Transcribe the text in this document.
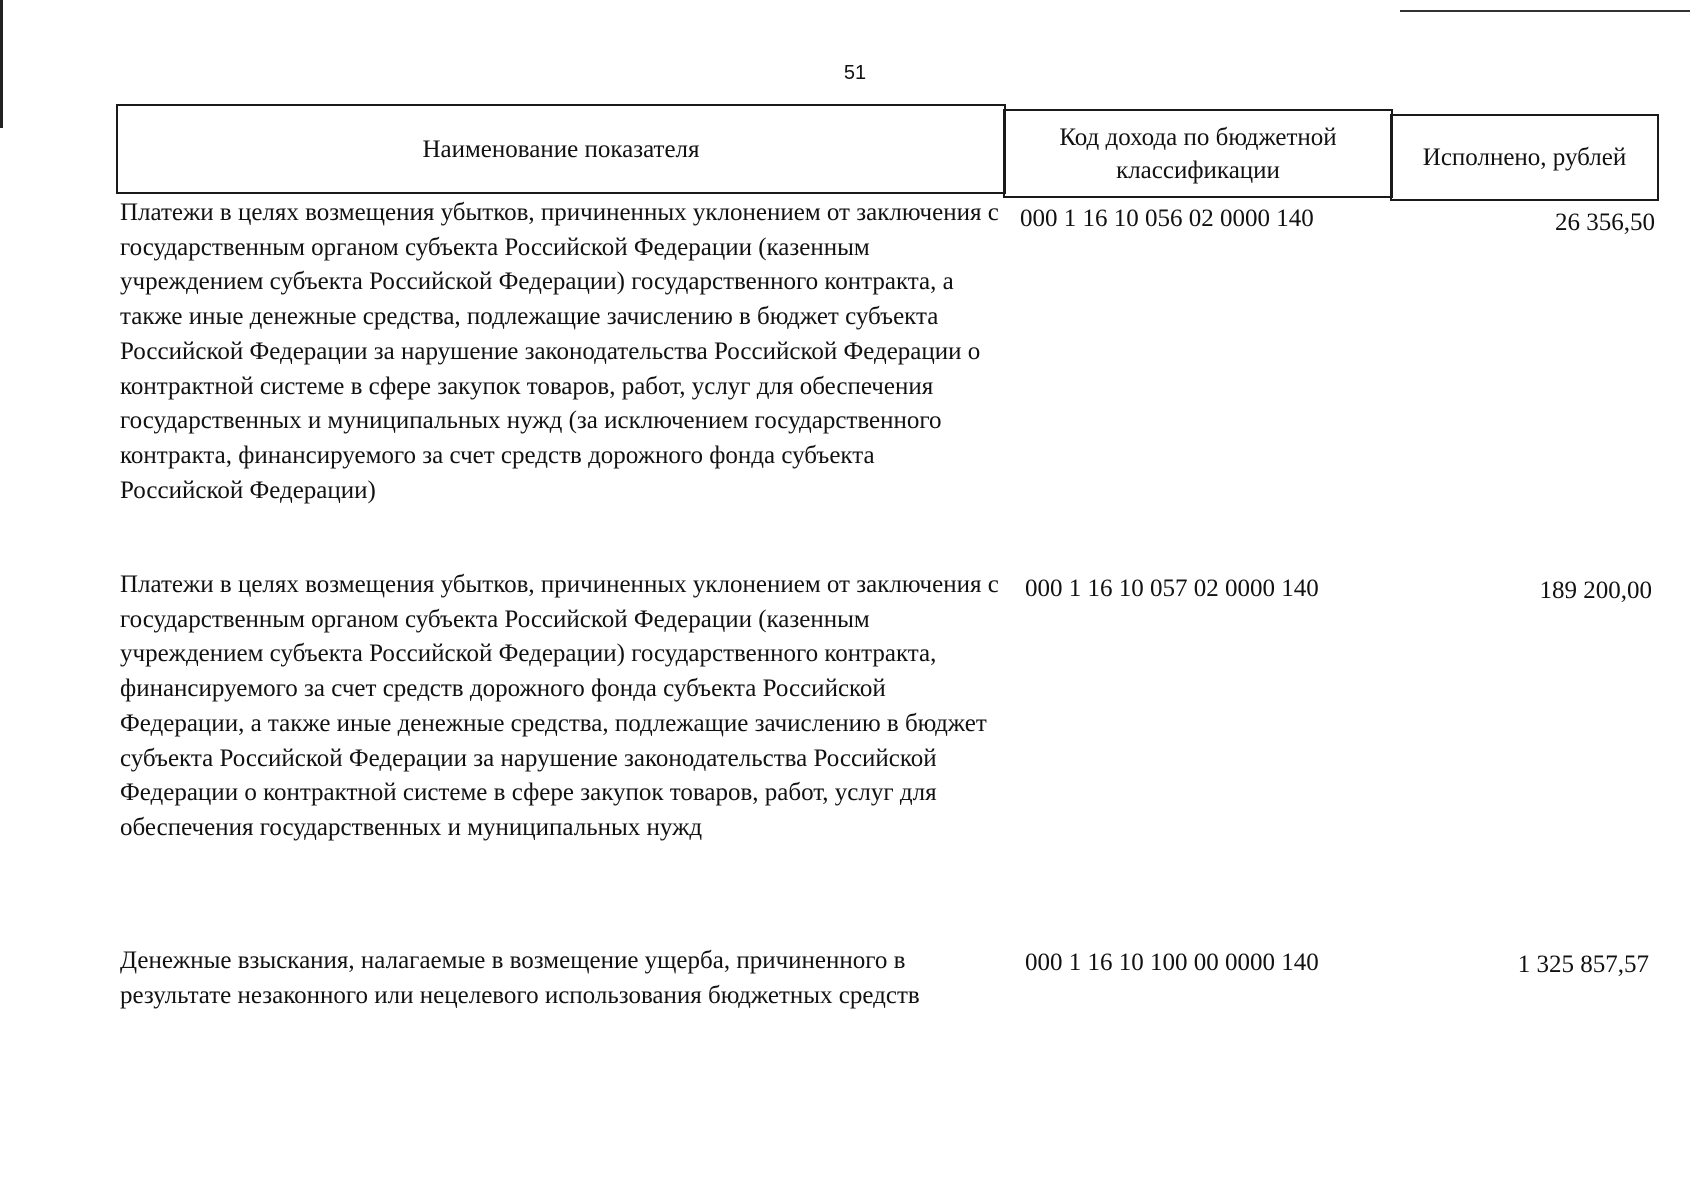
51
Наименование показателя	Код дохода по бюджетной классификации	Исполнено, рублей

Платежи в целях возмещения убытков, причиненных уклонением от заключения с государственным органом субъекта Российской Федерации (казенным учреждением субъекта Российской Федерации) государственного контракта, а также иные денежные средства, подлежащие зачислению в бюджет субъекта Российской Федерации за нарушение законодательства Российской Федерации о контрактной системе в сфере закупок товаров, работ, услуг для обеспечения государственных и муниципальных нужд (за исключением государственного контракта, финансируемого за счет средств дорожного фонда субъекта Российской Федерации)

000 1 16 10 056 02 0000 140	26 356,50

Платежи в целях возмещения убытков, причиненных уклонением от заключения с государственным органом субъекта Российской Федерации (казенным учреждением субъекта Российской Федерации) государственного контракта, финансируемого за счет средств дорожного фонда субъекта Российской Федерации, а также иные денежные средства, подлежащие зачислению в бюджет субъекта Российской Федерации за нарушение законодательства Российской Федерации о контрактной системе в сфере закупок товаров, работ, услуг для обеспечения государственных и муниципальных нужд

000 1 16 10 057 02 0000 140	189 200,00

Денежные взыскания, налагаемые в возмещение ущерба, причиненного в результате незаконного или нецелевого использования бюджетных средств

000 1 16 10 100 00 0000 140	1 325 857,57
